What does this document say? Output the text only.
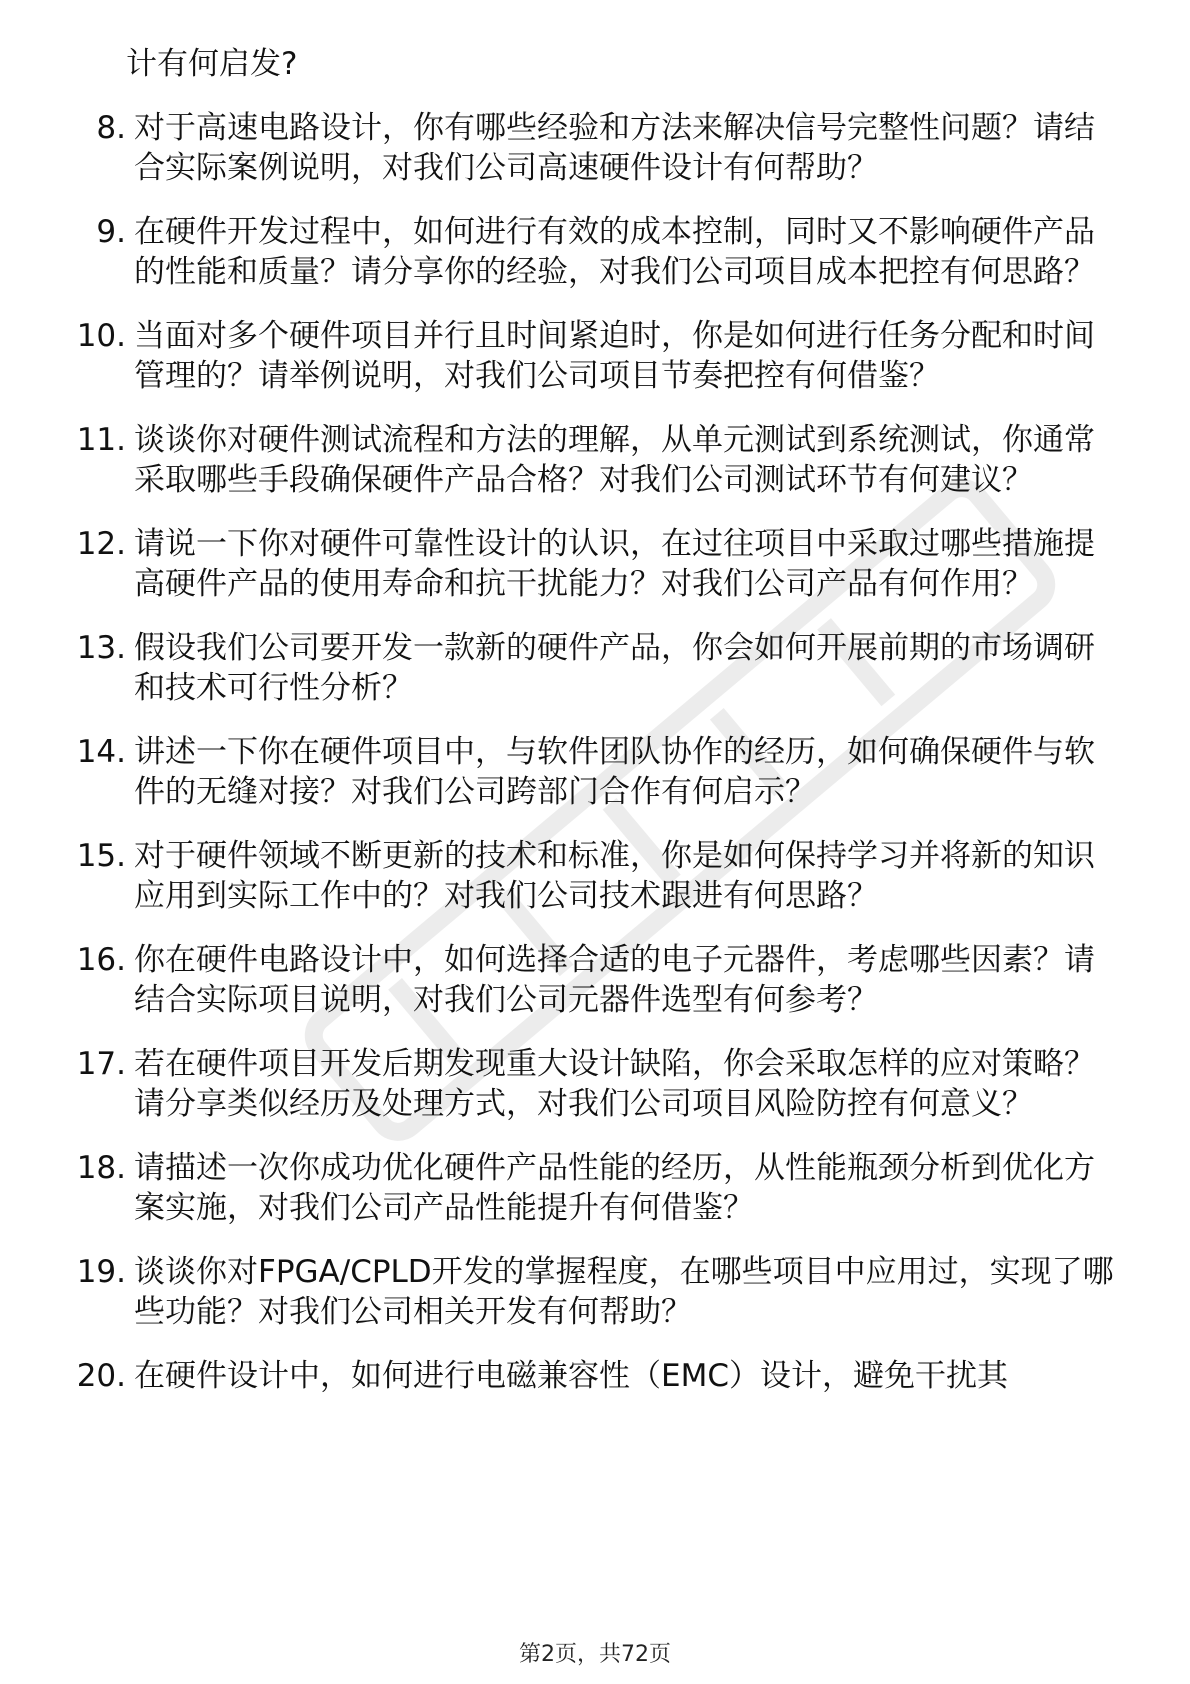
计有何启发?
8. 对于高速电路设计，你有哪些经验和方法来解决信号完整性问题？请结合实际案例说明，对我们公司高速硬件设计有何帮助？
9. 在硬件开发过程中，如何进行有效的成本控制，同时又不影响硬件产品的性能和质量？请分享你的经验，对我们公司项目成本把控有何思路？
10. 当面对多个硬件项目并行且时间紧迫时，你是如何进行任务分配和时间管理的？请举例说明，对我们公司项目节奏把控有何借鉴？
11. 谈谈你对硬件测试流程和方法的理解，从单元测试到系统测试，你通常采取哪些手段确保硬件产品合格？对我们公司测试环节有何建议？
12. 请说一下你对硬件可靠性设计的认识，在过往项目中采取过哪些措施提高硬件产品的使用寿命和抗干扰能力？对我们公司产品有何作用？
13. 假设我们公司要开发一款新的硬件产品，你会如何开展前期的市场调研和技术可行性分析？
14. 讲述一下你在硬件项目中，与软件团队协作的经历，如何确保硬件与软件的无缝对接？对我们公司跨部门合作有何启示？
15. 对于硬件领域不断更新的技术和标准，你是如何保持学习并将新的知识应用到实际工作中的？对我们公司技术跟进有何思路？
16. 你在硬件电路设计中，如何选择合适的电子元器件，考虑哪些因素？请结合实际项目说明，对我们公司元器件选型有何参考？
17. 若在硬件项目开发后期发现重大设计缺陷，你会采取怎样的应对策略？请分享类似经历及处理方式，对我们公司项目风险防控有何意义？
18. 请描述一次你成功优化硬件产品性能的经历，从性能瓶颈分析到优化方案实施，对我们公司产品性能提升有何借鉴？
19. 谈谈你对FPGA/CPLD开发的掌握程度，在哪些项目中应用过，实现了哪些功能？对我们公司相关开发有何帮助？
20. 在硬件设计中，如何进行电磁兼容性（EMC）设计，避免干扰其
第2页，共72页
